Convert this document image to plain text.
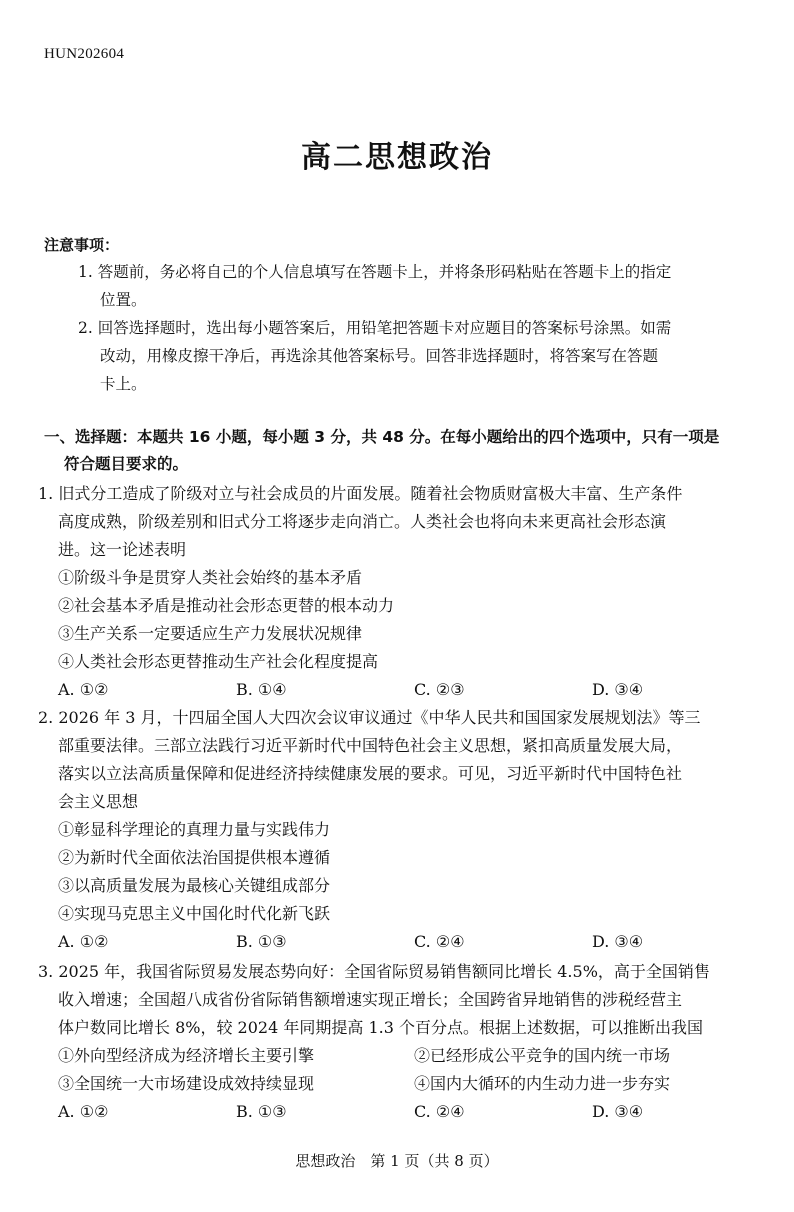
HUN202604
高二思想政治
注意事项：
1. 答题前，务必将自己的个人信息填写在答题卡上，并将条形码粘贴在答题卡上的指定
位置。
2. 回答选择题时，选出每小题答案后，用铅笔把答题卡对应题目的答案标号涂黑。如需
改动，用橡皮擦干净后，再选涂其他答案标号。回答非选择题时，将答案写在答题
卡上。
一、选择题：本题共 16 小题，每小题 3 分，共 48 分。在每小题给出的四个选项中，只有一项是
符合题目要求的。
1. 旧式分工造成了阶级对立与社会成员的片面发展。随着社会物质财富极大丰富、生产条件
高度成熟，阶级差别和旧式分工将逐步走向消亡。人类社会也将向未来更高社会形态演
进。这一论述表明
①阶级斗争是贯穿人类社会始终的基本矛盾
②社会基本矛盾是推动社会形态更替的根本动力
③生产关系一定要适应生产力发展状况规律
④人类社会形态更替推动生产社会化程度提高
A. ①②	B. ①④	C. ②③	D. ③④
2. 2026 年 3 月，十四届全国人大四次会议审议通过《中华人民共和国国家发展规划法》等三
部重要法律。三部立法践行习近平新时代中国特色社会主义思想，紧扣高质量发展大局，
落实以立法高质量保障和促进经济持续健康发展的要求。可见，习近平新时代中国特色社
会主义思想
①彰显科学理论的真理力量与实践伟力
②为新时代全面依法治国提供根本遵循
③以高质量发展为最核心关键组成部分
④实现马克思主义中国化时代化新飞跃
A. ①②	B. ①③	C. ②④	D. ③④
3. 2025 年，我国省际贸易发展态势向好：全国省际贸易销售额同比增长 4.5%，高于全国销售
收入增速；全国超八成省份省际销售额增速实现正增长；全国跨省异地销售的涉税经营主
体户数同比增长 8%，较 2024 年同期提高 1.3 个百分点。根据上述数据，可以推断出我国
①外向型经济成为经济增长主要引擎	②已经形成公平竞争的国内统一市场
③全国统一大市场建设成效持续显现	④国内大循环的内生动力进一步夯实
A. ①②	B. ①③	C. ②④	D. ③④
思想政治　第 1 页（共 8 页）
